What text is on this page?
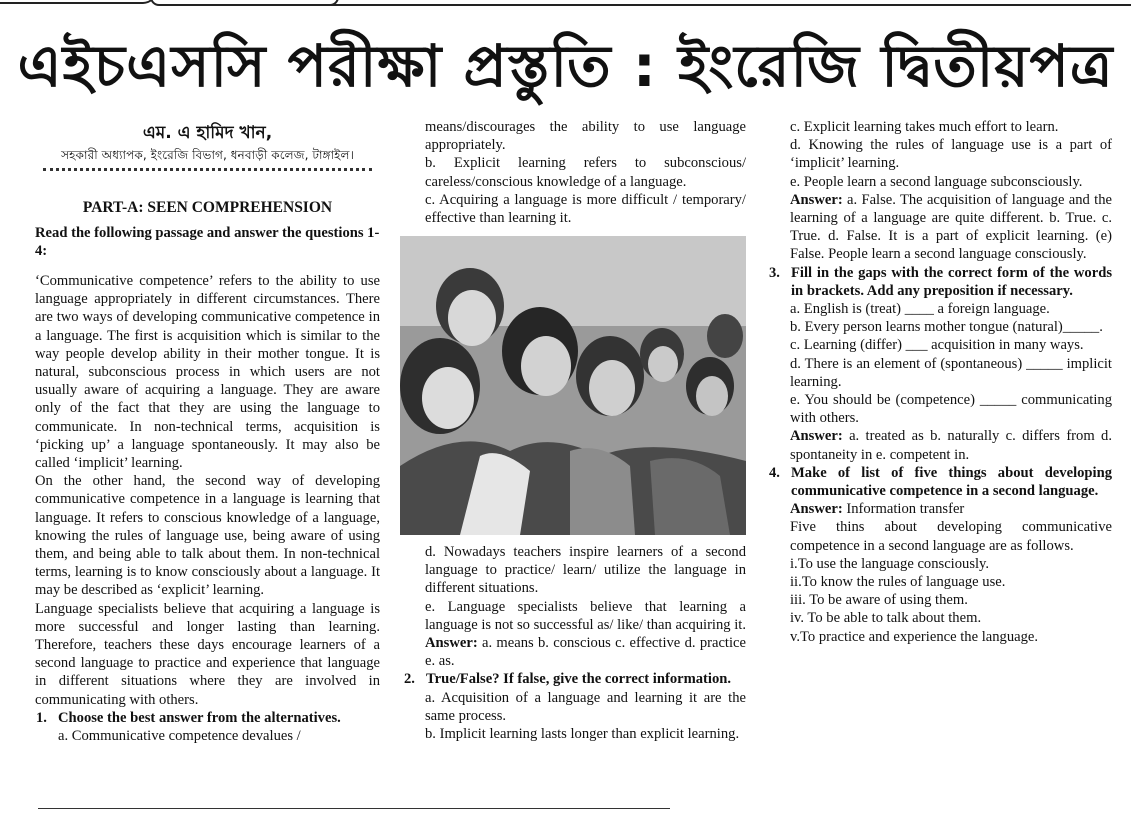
এইচএসসি পরীক্ষা প্রস্তুতি : ইংরেজি দ্বিতীয়পত্র
এম. এ হামিদ খান,
সহকারী অধ্যাপক, ইংরেজি বিভাগ, ধনবাড়ী কলেজ, টাঙ্গাইল।
PART-A: SEEN COMPREHENSION
Read the following passage and answer the questions 1-4:

‘Communicative competence’ refers to the ability to use language appropriately in different circumstances. There are two ways of developing communicative competence in a language. The first is acquisition which is similar to the way people develop ability in their mother tongue. It is natural, subconscious process in which users are not usually aware of acquiring a language. They are aware only of the fact that they are using the language to communicate. In non-technical terms, acquisition is ‘picking up’ a language spontaneously. It may also be called ‘implicit’ learning.

On the other hand, the second way of developing communicative competence in a language is learning that language. It refers to conscious knowledge of a language, knowing the rules of language use, being aware of using them, and being able to talk about them. In non-technical terms, learning is to know consciously about a language. It may be described as ‘explicit’ learning.

Language specialists believe that acquiring a language is more successful and longer lasting than learning. Therefore, teachers these days encourage learners of a second language to practice and experience that language in different situations where they are involved in communicating with others.

1. Choose the best answer from the alternatives.

a. Communicative competence devalues /

means/discourages the ability to use language appropriately.

b. Explicit learning refers to subconscious/ careless/conscious knowledge of a language.

c. Acquiring a language is more difficult / temporary/ effective than learning it.

d. Nowadays teachers inspire learners of a second language to practice/ learn/ utilize the language in different situations.

e. Language specialists believe that learning a language is not so successful as/ like/ than acquiring it.

Answer: a. means b. conscious c. effective d. practice e. as.

2. True/False? If false, give the correct information.

a. Acquisition of a language and learning it are the same process.

b. Implicit learning lasts longer than explicit learning.

c. Explicit learning takes much effort to learn.

d. Knowing the rules of language use is a part of ‘implicit’ learning.

e. People learn a second language subconsciously.

Answer: a. False. The acquisition of language and the learning of a language are quite different. b. True. c. True. d. False. It is a part of explicit learning. (e) False. People learn a second language consciously.

3. Fill in the gaps with the correct form of the words in brackets. Add any preposition if necessary.

a. English is (treat) ____ a foreign language.

b. Every person learns mother tongue (natural)_____.

c. Learning (differ) ___ acquisition in many ways.

d. There is an element of (spontaneous) _____ implicit learning.

e. You should be (competence) _____ communicating with others.

Answer: a. treated as b. naturally c. differs from d. spontaneity in e. competent in.

4. Make of list of five things about developing communicative competence in a second language.

Answer: Information transfer

Five thins about developing communicative competence in a second language are as follows.

i.To use the language consciously.

ii.To know the rules of language use.

iii. To be aware of using them.

iv. To be able to talk about them.

v.To practice and experience the language.
